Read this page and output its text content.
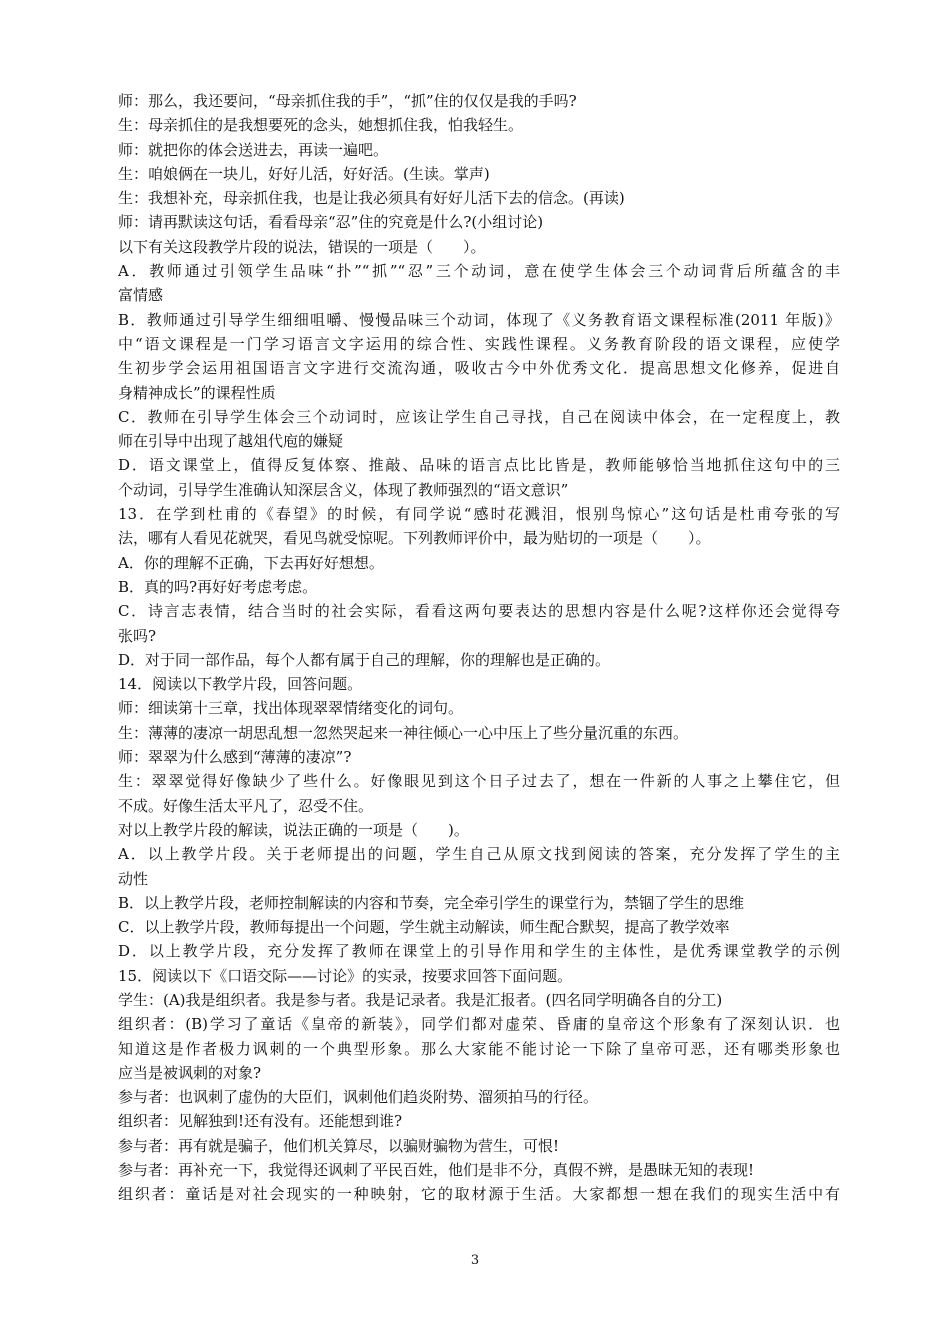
师：那么，我还要问，“母亲抓住我的手”，“抓”住的仅仅是我的手吗?
生：母亲抓住的是我想要死的念头，她想抓住我，怕我轻生。
师：就把你的体会送进去，再读一遍吧。
生：咱娘俩在一块儿，好好儿活，好好活。(生读。掌声)
生：我想补充，母亲抓住我，也是让我必须具有好好儿活下去的信念。(再读)
师：请再默读这句话，看看母亲“忍”住的究竟是什么?(小组讨论)
以下有关这段教学片段的说法，错误的一项是（　　）。
A．教师通过引领学生品味“扑”“抓”“忍”三个动词，意在使学生体会三个动词背后所蕴含的丰
富情感
B．教师通过引导学生细细咀嚼、慢慢品味三个动词，体现了《义务教育语文课程标准(2011 年版)》
中“语文课程是一门学习语言文字运用的综合性、实践性课程。义务教育阶段的语文课程，应使学
生初步学会运用祖国语言文字进行交流沟通，吸收古今中外优秀文化．提高思想文化修养，促进自
身精神成长”的课程性质
C．教师在引导学生体会三个动词时，应该让学生自己寻找，自己在阅读中体会，在一定程度上，教
师在引导中出现了越俎代庖的嫌疑
D．语文课堂上，值得反复体察、推敲、品味的语言点比比皆是，教师能够恰当地抓住这句中的三
个动词，引导学生准确认知深层含义，体现了教师强烈的“语文意识”
13．在学到杜甫的《春望》的时候，有同学说“感时花溅泪，恨别鸟惊心”这句话是杜甫夸张的写
法，哪有人看见花就哭，看见鸟就受惊呢。下列教师评价中，最为贴切的一项是（　　）。
A．你的理解不正确，下去再好好想想。
B．真的吗?再好好考虑考虑。
C．诗言志表情，结合当时的社会实际，看看这两句要表达的思想内容是什么呢?这样你还会觉得夸
张吗?
D．对于同一部作品，每个人都有属于自己的理解，你的理解也是正确的。
14．阅读以下教学片段，回答问题。
师：细读第十三章，找出体现翠翠情绪变化的词句。
生：薄薄的凄凉一胡思乱想一忽然哭起来一神往倾心一心中压上了些分量沉重的东西。
师：翠翠为什么感到“薄薄的凄凉”?
生：翠翠觉得好像缺少了些什么。好像眼见到这个日子过去了，想在一件新的人事之上攀住它，但
不成。好像生活太平凡了，忍受不住。
对以上教学片段的解读，说法正确的一项是（　　)。
A．以上教学片段。关于老师提出的问题，学生自己从原文找到阅读的答案，充分发挥了学生的主
动性
B．以上教学片段，老师控制解读的内容和节奏，完全牵引学生的课堂行为，禁锢了学生的思维
C．以上教学片段，教师每提出一个问题，学生就主动解读，师生配合默契，提高了教学效率
D．以上教学片段，充分发挥了教师在课堂上的引导作用和学生的主体性，是优秀课堂教学的示例
15．阅读以下《口语交际——讨论》的实录，按要求回答下面问题。
学生：(A)我是组织者。我是参与者。我是记录者。我是汇报者。(四名同学明确各自的分工)
组织者：(B)学习了童话《皇帝的新装》，同学们都对虚荣、昏庸的皇帝这个形象有了深刻认识．也
知道这是作者极力讽刺的一个典型形象。那么大家能不能讨论一下除了皇帝可恶，还有哪类形象也
应当是被讽刺的对象?
参与者：也讽刺了虚伪的大臣们，讽刺他们趋炎附势、溜须拍马的行径。
组织者：见解独到!还有没有。还能想到谁?
参与者：再有就是骗子，他们机关算尽，以骗财骗物为营生，可恨!
参与者：再补充一下，我觉得还讽刺了平民百姓，他们是非不分，真假不辨，是愚昧无知的表现!
组织者：童话是对社会现实的一种映射，它的取材源于生活。大家都想一想在我们的现实生活中有
3
